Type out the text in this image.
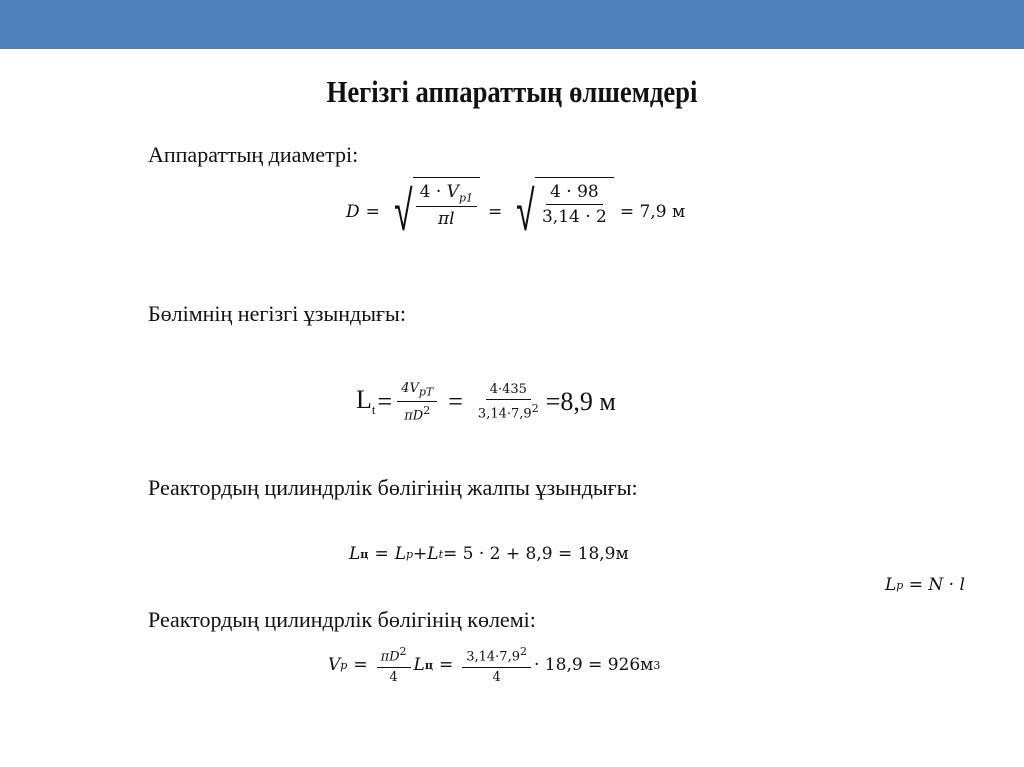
Негізгі аппараттың өлшемдері
Аппараттың диаметрі:
D = √ $\frac{4 \cdot V_{p1}}{\pi l}$ = √ $\frac{4 \cdot 98}{3,14 \cdot 2} = 7,9$ м
Бөлімнің негізгі ұзындығы:
$L_t = \frac{4V_{pT}}{\pi D^2} = \frac{4\cdot 435}{3,14\cdot 7,9^2} =8,9$ м
Реактордың цилиндрлік бөлігінің жалпы ұзындығы:
L ц = L p + L t = 5 · 2 + 8,9 = 18,9м
L p = N · l
Реактордың цилиндрлік бөлігінің көлемі:
V $p = \frac{\pi D^2}{4}$ L $ц = \frac{3,14\cdot 7,9^2}{4} \cdot 18,9 = 926м$ 3
